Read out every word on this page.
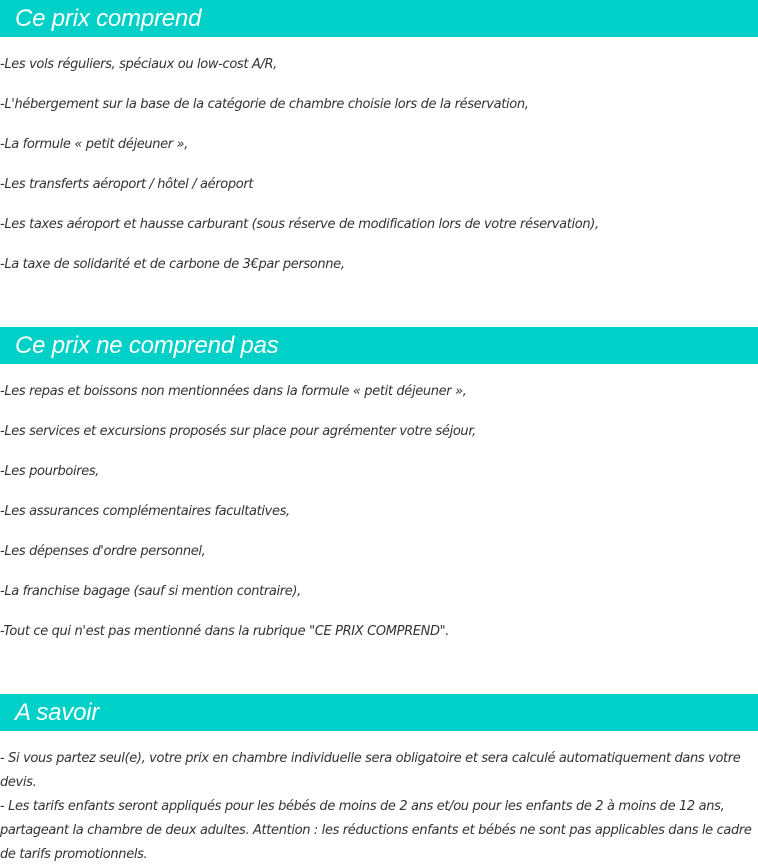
Ce prix comprend
-Les vols réguliers, spéciaux ou low-cost A/R,
-L'hébergement sur la base de la catégorie de chambre choisie lors de la réservation,
-La formule « petit déjeuner »,
-Les transferts aéroport / hôtel / aéroport
-Les taxes aéroport et hausse carburant (sous réserve de modification lors de votre réservation),
-La taxe de solidarité et de carbone de 3€par personne,
Ce prix ne comprend pas
-Les repas et boissons non mentionnées dans la formule « petit déjeuner »,
-Les services et excursions proposés sur place pour agrémenter votre séjour,
-Les pourboires,
-Les assurances complémentaires facultatives,
-Les dépenses d'ordre personnel,
-La franchise bagage (sauf si mention contraire),
-Tout ce qui n'est pas mentionné dans la rubrique "CE PRIX COMPREND".
A savoir

- Si vous partez seul(e), votre prix en chambre individuelle sera obligatoire et sera calculé automatiquement dans votre devis.

- Les tarifs enfants seront appliqués pour les bébés de moins de 2 ans et/ou pour les enfants de 2 à moins de 12 ans, partageant la chambre de deux adultes. Attention : les réductions enfants et bébés ne sont pas applicables dans le cadre de tarifs promotionnels.
